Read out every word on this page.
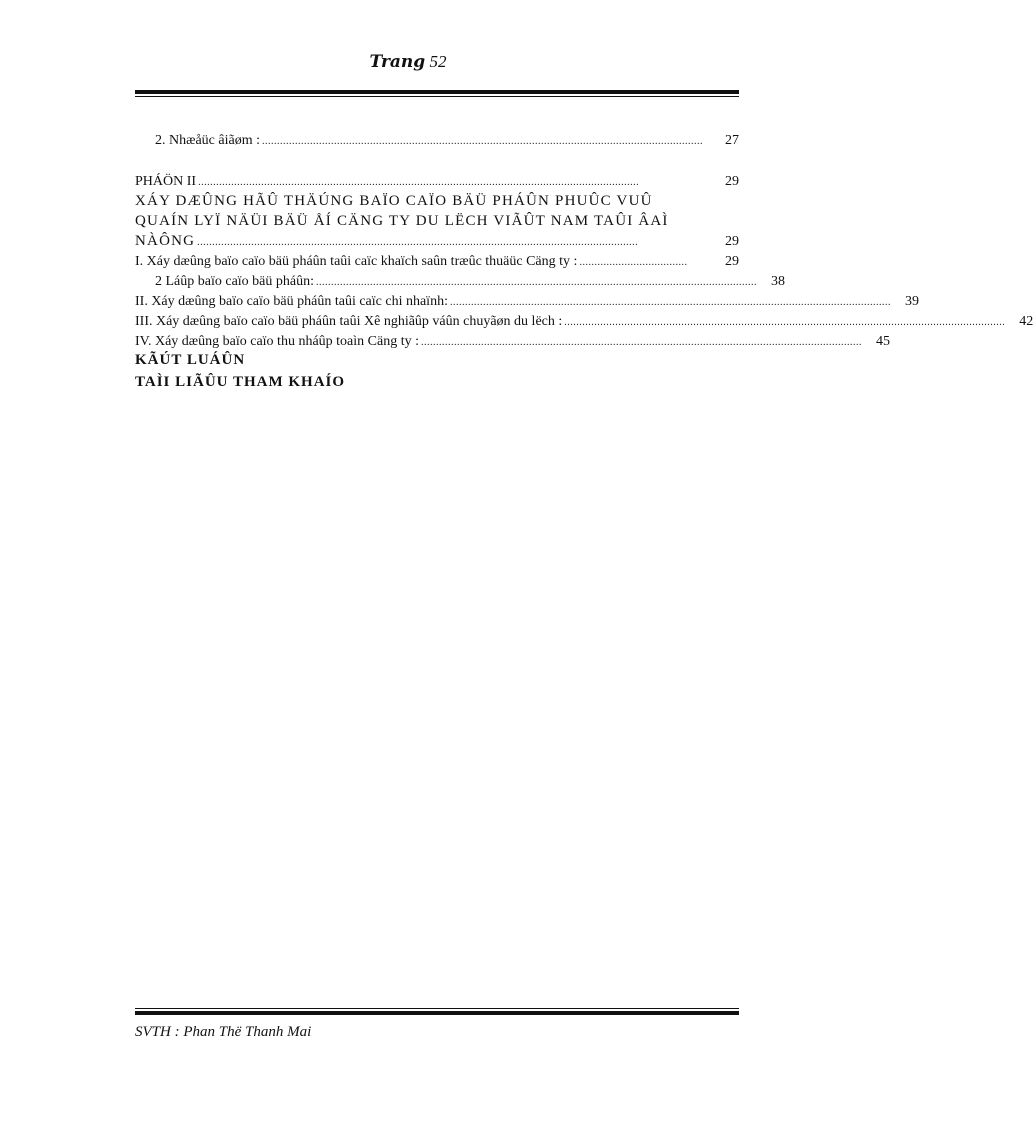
Trang 52
2. Nhæåüc âiãøm : ...................................................................................................................................................	27
PHÁÖN II ...................................................................................................................................................	29
XÁY DÆÛNG HÃÛ THÄÚNG BAÏO CAÏO BÄÜ PHÁÛN PHUÛC VUÛ
QUAÍN LYÏ NÄÜI BÄÜ ÅÍ CÄNG TY DU LËCH VIÃÛT NAM TAÛI ÂAÌ
NÀÔNG ...................................................................................................................................................	29
I. Xáy dæûng baïo caïo bäü pháûn taûi caïc khaïch saûn træûc thuäüc Cäng ty : ....................................	29
2 Láûp baïo caïo bäü pháûn: ...................................................................................................................................................	38
II. Xáy dæûng baïo caïo bäü pháûn taûi caïc chi nhaïnh: ...................................................................................................................................................	39
III. Xáy dæûng baïo caïo bäü pháûn taûi Xê nghiãûp váûn chuyãøn du lëch : ...................................................................................................................................................	42
IV. Xáy dæûng baïo caïo thu nháûp toaìn Cäng ty : ...................................................................................................................................................	45
KÃÚT LUÁÛN
TAÌI LIÃÛU THAM KHAÍO
SVTH : Phan Thë Thanh Mai
